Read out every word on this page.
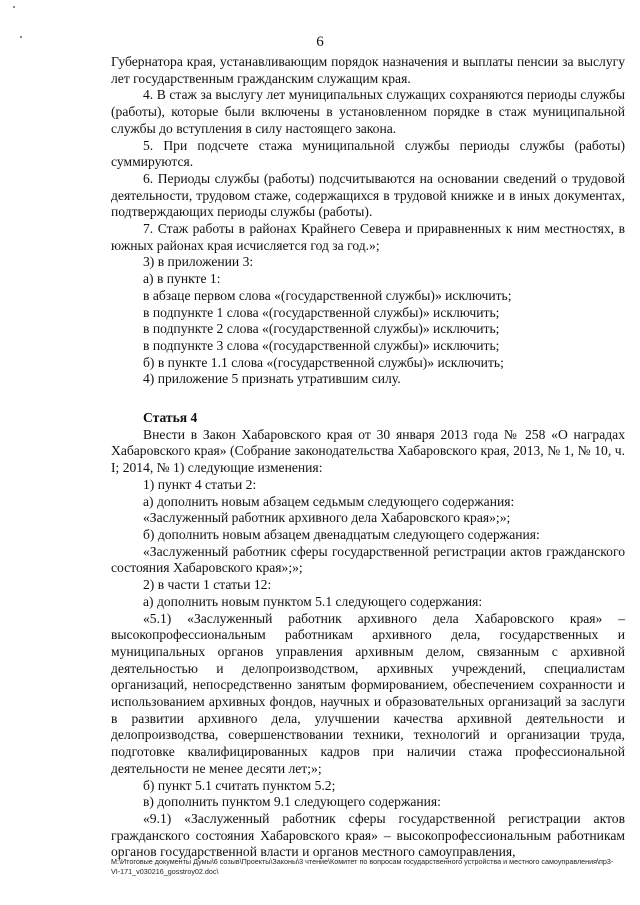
6

Губернатора края, устанавливающим порядок назначения и выплаты пенсии за выслугу лет государственным гражданским служащим края.

4. В стаж за выслугу лет муниципальных служащих сохраняются периоды службы (работы), которые были включены в установленном порядке в стаж муниципальной службы до вступления в силу настоящего закона.

5. При подсчете стажа муниципальной службы периоды службы (работы) суммируются.

6. Периоды службы (работы) подсчитываются на основании сведений о трудовой деятельности, трудовом стаже, содержащихся в трудовой книжке и в иных документах, подтверждающих периоды службы (работы).

7. Стаж работы в районах Крайнего Севера и приравненных к ним местностях, в южных районах края исчисляется год за год.»;

3) в приложении 3:

а) в пункте 1:

в абзаце первом слова «(государственной службы)» исключить;

в подпункте 1 слова «(государственной службы)» исключить;

в подпункте 2 слова «(государственной службы)» исключить;

в подпункте 3 слова «(государственной службы)» исключить;

б) в пункте 1.1 слова «(государственной службы)» исключить;

4) приложение 5 признать утратившим силу.

Статья 4

Внести в Закон Хабаровского края от 30 января 2013 года № 258 «О наградах Хабаровского края» (Собрание законодательства Хабаровского края, 2013, № 1, № 10, ч. I; 2014, № 1) следующие изменения:

1) пункт 4 статьи 2:

а) дополнить новым абзацем седьмым следующего содержания:

«Заслуженный работник архивного дела Хабаровского края»;»;

б) дополнить новым абзацем двенадцатым следующего содержания:

«Заслуженный работник сферы государственной регистрации актов гражданского состояния Хабаровского края»;»;

2) в части 1 статьи 12:

а) дополнить новым пунктом 5.1 следующего содержания:

«5.1) «Заслуженный работник архивного дела Хабаровского края» – высокопрофессиональным работникам архивного дела, государственных и муниципальных органов управления архивным делом, связанным с архивной деятельностью и делопроизводством, архивных учреждений, специалистам организаций, непосредственно занятым формированием, обеспечением сохранности и использованием архивных фондов, научных и образовательных организаций за заслуги в развитии архивного дела, улучшении качества архивной деятельности и делопроизводства, совершенствовании техники, технологий и организации труда, подготовке квалифицированных кадров при наличии стажа профессиональной деятельности не менее десяти лет;»;

б) пункт 5.1 считать пунктом 5.2;

в) дополнить пунктом 9.1 следующего содержания:

«9.1) «Заслуженный работник сферы государственной регистрации актов гражданского состояния Хабаровского края» – высокопрофессиональным работникам органов государственной власти и органов местного самоуправления,

M:\Итоговые документы Думы\6 созыв\Проекты\Законы\3 чтение\Комитет по вопросам государственного устройства и местного самоуправления\пр3-VI-171_v030216_gosstroy02.doc\
